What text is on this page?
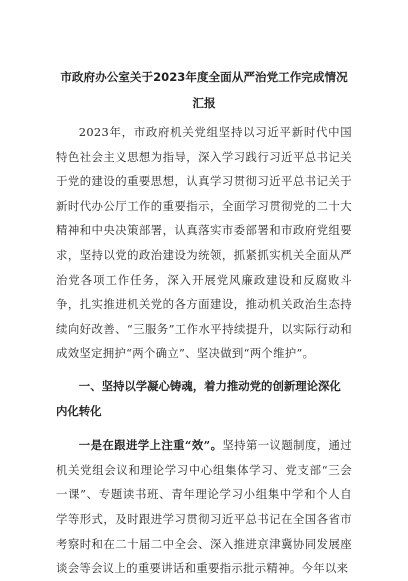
市政府办公室关于2023年度全面从严治党工作完成情况汇报

2023年，市政府机关党组坚持以习近平新时代中国特色社会主义思想为指导，深入学习践行习近平总书记关于党的建设的重要思想，认真学习贯彻习近平总书记关于新时代办公厅工作的重要指示，全面学习贯彻党的二十大精神和中央决策部署，认真落实市委部署和市政府党组要求，坚持以党的政治建设为统领，抓紧抓实机关全面从严治党各项工作任务，深入开展党风廉政建设和反腐败斗争，扎实推进机关党的各方面建设，推动机关政治生态持续向好改善、“三服务”工作水平持续提升，以实际行动和成效坚定拥护“两个确立”、坚决做到“两个维护”。

一、坚持以学凝心铸魂，着力推动党的创新理论深化内化转化

一是在跟进学上注重“效”。坚持第一议题制度，通过机关党组会议和理论学习中心组集体学习、党支部“三会一课”、专题读书班、青年理论学习小组集中学和个人自学等形式，及时跟进学习贯彻习近平总书记在全国各省市考察时和在二十届二中全会、深入推进京津冀协同发展座谈会等会议上的重要讲话和重要指示批示精神。今年以来
